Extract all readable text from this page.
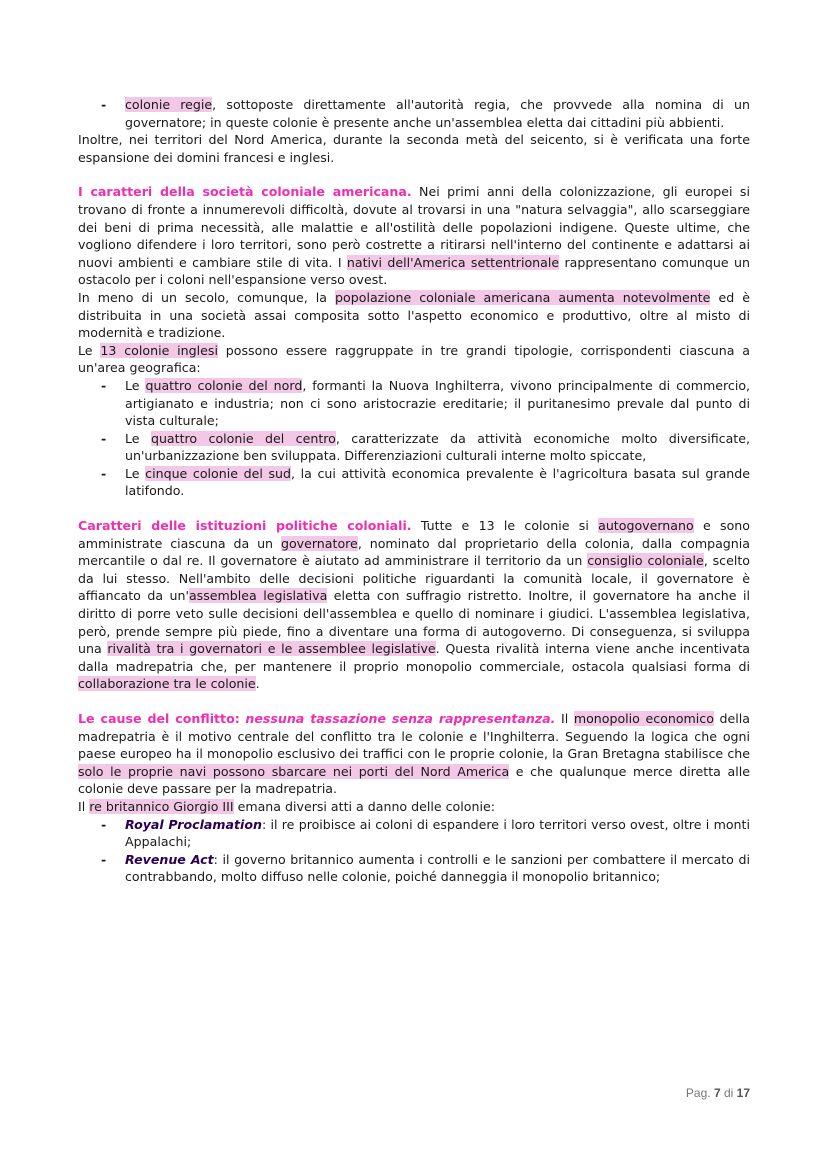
- colonie regie, sottoposte direttamente all'autorità regia, che provvede alla nomina di un governatore; in queste colonie è presente anche un'assemblea eletta dai cittadini più abbienti.

Inoltre, nei territori del Nord America, durante la seconda metà del seicento, si è verificata una forte espansione dei domini francesi e inglesi.

I caratteri della società coloniale americana. Nei primi anni della colonizzazione, gli europei si trovano di fronte a innumerevoli difficoltà, dovute al trovarsi in una "natura selvaggia", allo scarseggiare dei beni di prima necessità, alle malattie e all'ostilità delle popolazioni indigene. Queste ultime, che vogliono difendere i loro territori, sono però costrette a ritirarsi nell'interno del continente e adattarsi ai nuovi ambienti e cambiare stile di vita. I nativi dell'America settentrionale rappresentano comunque un ostacolo per i coloni nell'espansione verso ovest.

In meno di un secolo, comunque, la popolazione coloniale americana aumenta notevolmente ed è distribuita in una società assai composita sotto l'aspetto economico e produttivo, oltre al misto di modernità e tradizione.

Le 13 colonie inglesi possono essere raggruppate in tre grandi tipologie, corrispondenti ciascuna a un'area geografica:

- Le quattro colonie del nord, formanti la Nuova Inghilterra, vivono principalmente di commercio, artigianato e industria; non ci sono aristocrazie ereditarie; il puritanesimo prevale dal punto di vista culturale;
- Le quattro colonie del centro, caratterizzate da attività economiche molto diversificate, un'urbanizzazione ben sviluppata. Differenziazioni culturali interne molto spiccate,
- Le cinque colonie del sud, la cui attività economica prevalente è l'agricoltura basata sul grande latifondo.

Caratteri delle istituzioni politiche coloniali. Tutte e 13 le colonie si autogovernano e sono amministrate ciascuna da un governatore, nominato dal proprietario della colonia, dalla compagnia mercantile o dal re. Il governatore è aiutato ad amministrare il territorio da un consiglio coloniale, scelto da lui stesso. Nell'ambito delle decisioni politiche riguardanti la comunità locale, il governatore è affiancato da un'assemblea legislativa eletta con suffragio ristretto. Inoltre, il governatore ha anche il diritto di porre veto sulle decisioni dell'assemblea e quello di nominare i giudici. L'assemblea legislativa, però, prende sempre più piede, fino a diventare una forma di autogoverno. Di conseguenza, si sviluppa una rivalità tra i governatori e le assemblee legislative. Questa rivalità interna viene anche incentivata dalla madrepatria che, per mantenere il proprio monopolio commerciale, ostacola qualsiasi forma di collaborazione tra le colonie.

Le cause del conflitto: nessuna tassazione senza rappresentanza. Il monopolio economico della madrepatria è il motivo centrale del conflitto tra le colonie e l'Inghilterra. Seguendo la logica che ogni paese europeo ha il monopolio esclusivo dei traffici con le proprie colonie, la Gran Bretagna stabilisce che solo le proprie navi possono sbarcare nei porti del Nord America e che qualunque merce diretta alle colonie deve passare per la madrepatria.

Il re britannico Giorgio III emana diversi atti a danno delle colonie:

- Royal Proclamation: il re proibisce ai coloni di espandere i loro territori verso ovest, oltre i monti Appalachi;
- Revenue Act: il governo britannico aumenta i controlli e le sanzioni per combattere il mercato di contrabbando, molto diffuso nelle colonie, poiché danneggia il monopolio britannico;
Pag. 7 di 17
